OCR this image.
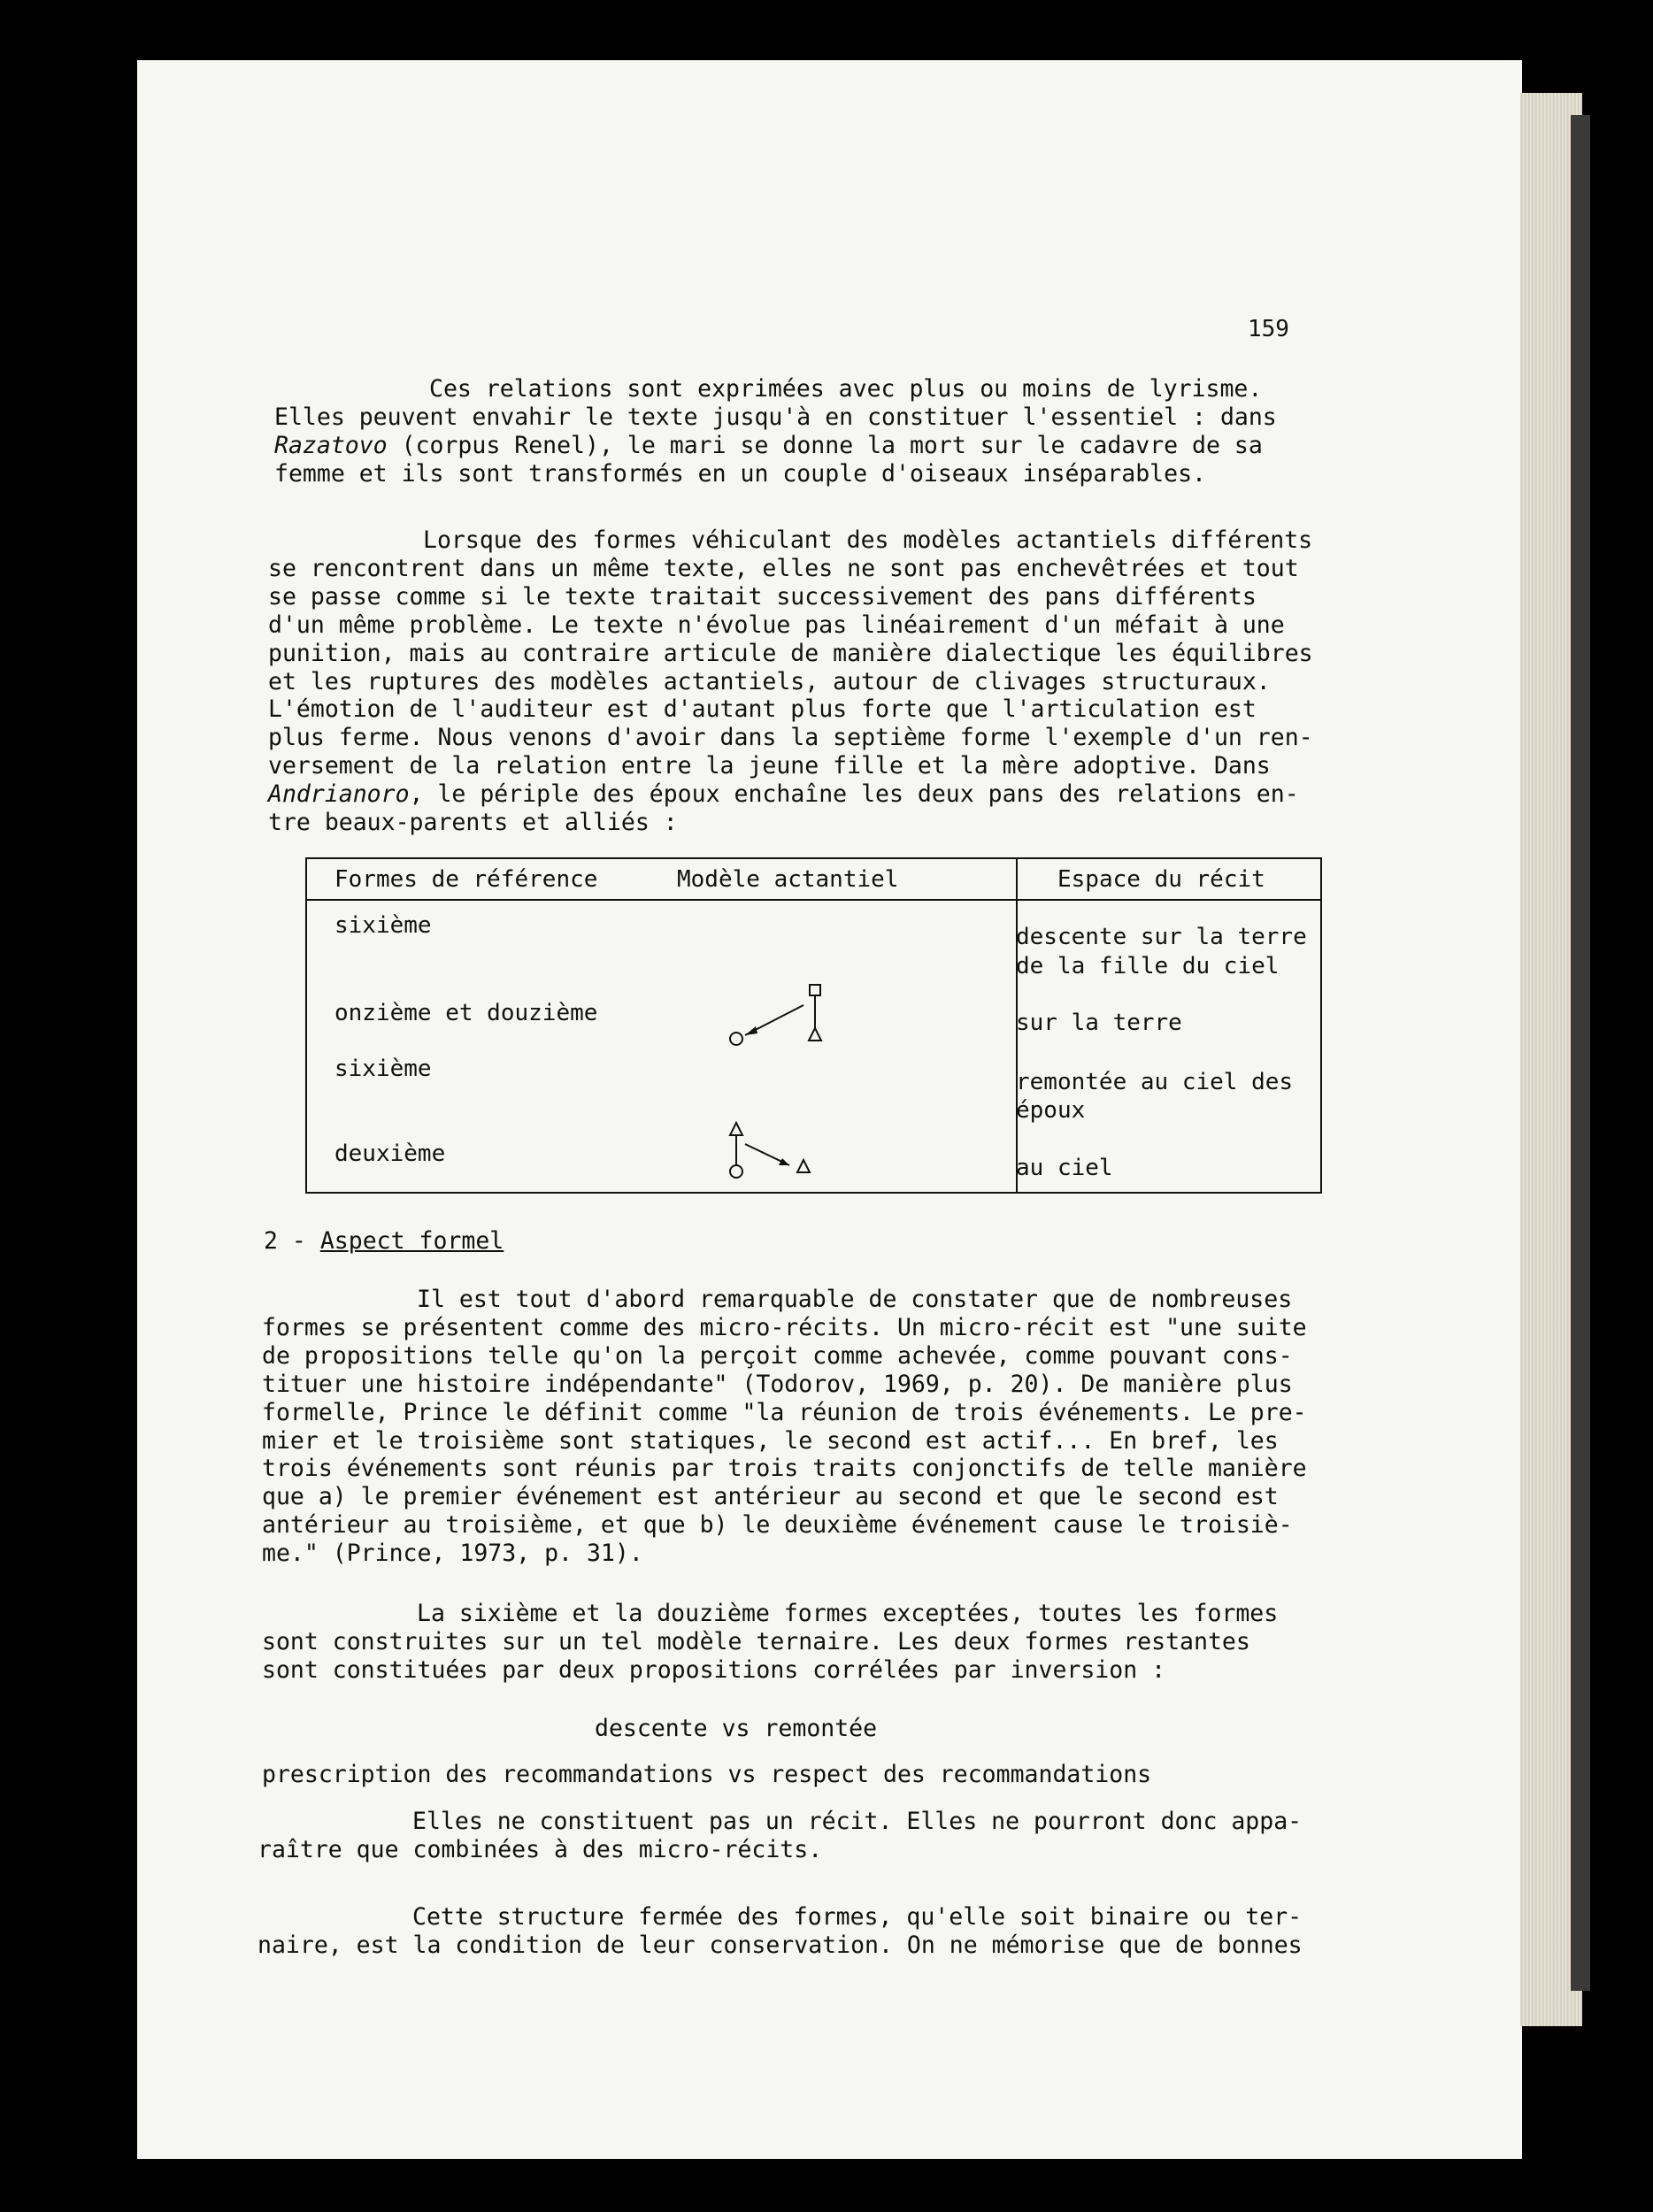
159
Ces relations sont exprimées avec plus ou moins de lyrisme.
Elles peuvent envahir le texte jusqu'à en constituer l'essentiel : dans
Razatovo (corpus Renel), le mari se donne la mort sur le cadavre de sa
femme et ils sont transformés en un couple d'oiseaux inséparables.
Lorsque des formes véhiculant des modèles actantiels différents
se rencontrent dans un même texte, elles ne sont pas enchevêtrées et tout
se passe comme si le texte traitait successivement des pans différents
d'un même problème. Le texte n'évolue pas linéairement d'un méfait à une
punition, mais au contraire articule de manière dialectique les équilibres
et les ruptures des modèles actantiels, autour de clivages structuraux.
L'émotion de l'auditeur est d'autant plus forte que l'articulation est
plus ferme. Nous venons d'avoir dans la septième forme l'exemple d'un ren-
versement de la relation entre la jeune fille et la mère adoptive. Dans
Andrianoro, le périple des époux enchaîne les deux pans des relations en-
tre beaux-parents et alliés :
Formes de référence	Modèle actantiel	Espace du récit
sixième
onzième et douzième
sixième
deuxième
descente sur la terre
de la fille du ciel
sur la terre
remontée au ciel des
époux
au ciel
2 - Aspect formel
Il est tout d'abord remarquable de constater que de nombreuses
formes se présentent comme des micro-récits. Un micro-récit est "une suite
de propositions telle qu'on la perçoit comme achevée, comme pouvant cons-
tituer une histoire indépendante" (Todorov, 1969, p. 20). De manière plus
formelle, Prince le définit comme "la réunion de trois événements. Le pre-
mier et le troisième sont statiques, le second est actif... En bref, les
trois événements sont réunis par trois traits conjonctifs de telle manière
que a) le premier événement est antérieur au second et que le second est
antérieur au troisième, et que b) le deuxième événement cause le troisiè-
me." (Prince, 1973, p. 31).
La sixième et la douzième formes exceptées, toutes les formes
sont construites sur un tel modèle ternaire. Les deux formes restantes
sont constituées par deux propositions corrélées par inversion :
descente vs remontée
prescription des recommandations vs respect des recommandations
Elles ne constituent pas un récit. Elles ne pourront donc appa-
raître que combinées à des micro-récits.
Cette structure fermée des formes, qu'elle soit binaire ou ter-
naire, est la condition de leur conservation. On ne mémorise que de bonnes
